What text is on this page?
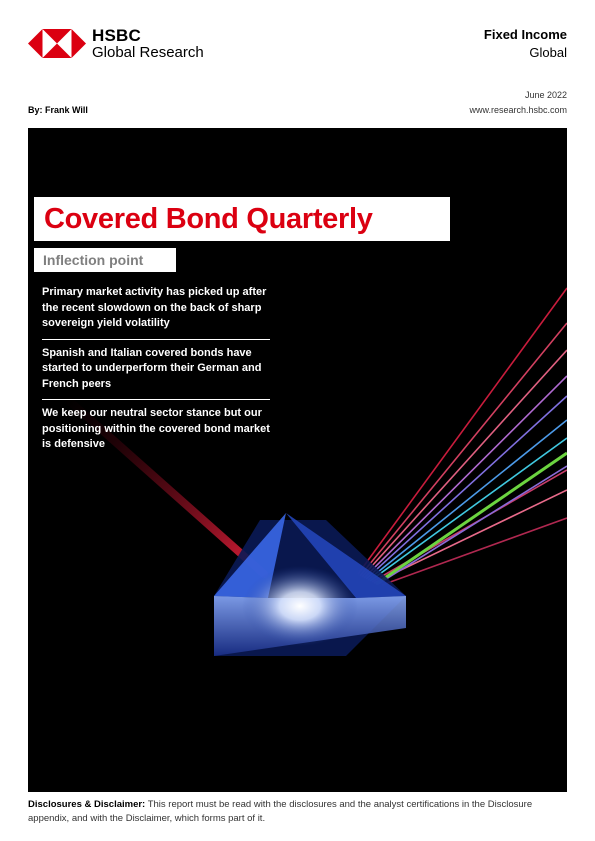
HSBC
Global Research
Fixed Income
Global
June 2022
By: Frank Will	www.research.hsbc.com
Covered Bond Quarterly
Inflection point
Primary market activity has picked up after the recent slowdown on the back of sharp sovereign yield volatility
Spanish and Italian covered bonds have started to underperform their German and French peers
We keep our neutral sector stance but our positioning within the covered bond market is defensive
Disclosures & Disclaimer: This report must be read with the disclosures and the analyst certifications in the Disclosure appendix, and with the Disclaimer, which forms part of it.
